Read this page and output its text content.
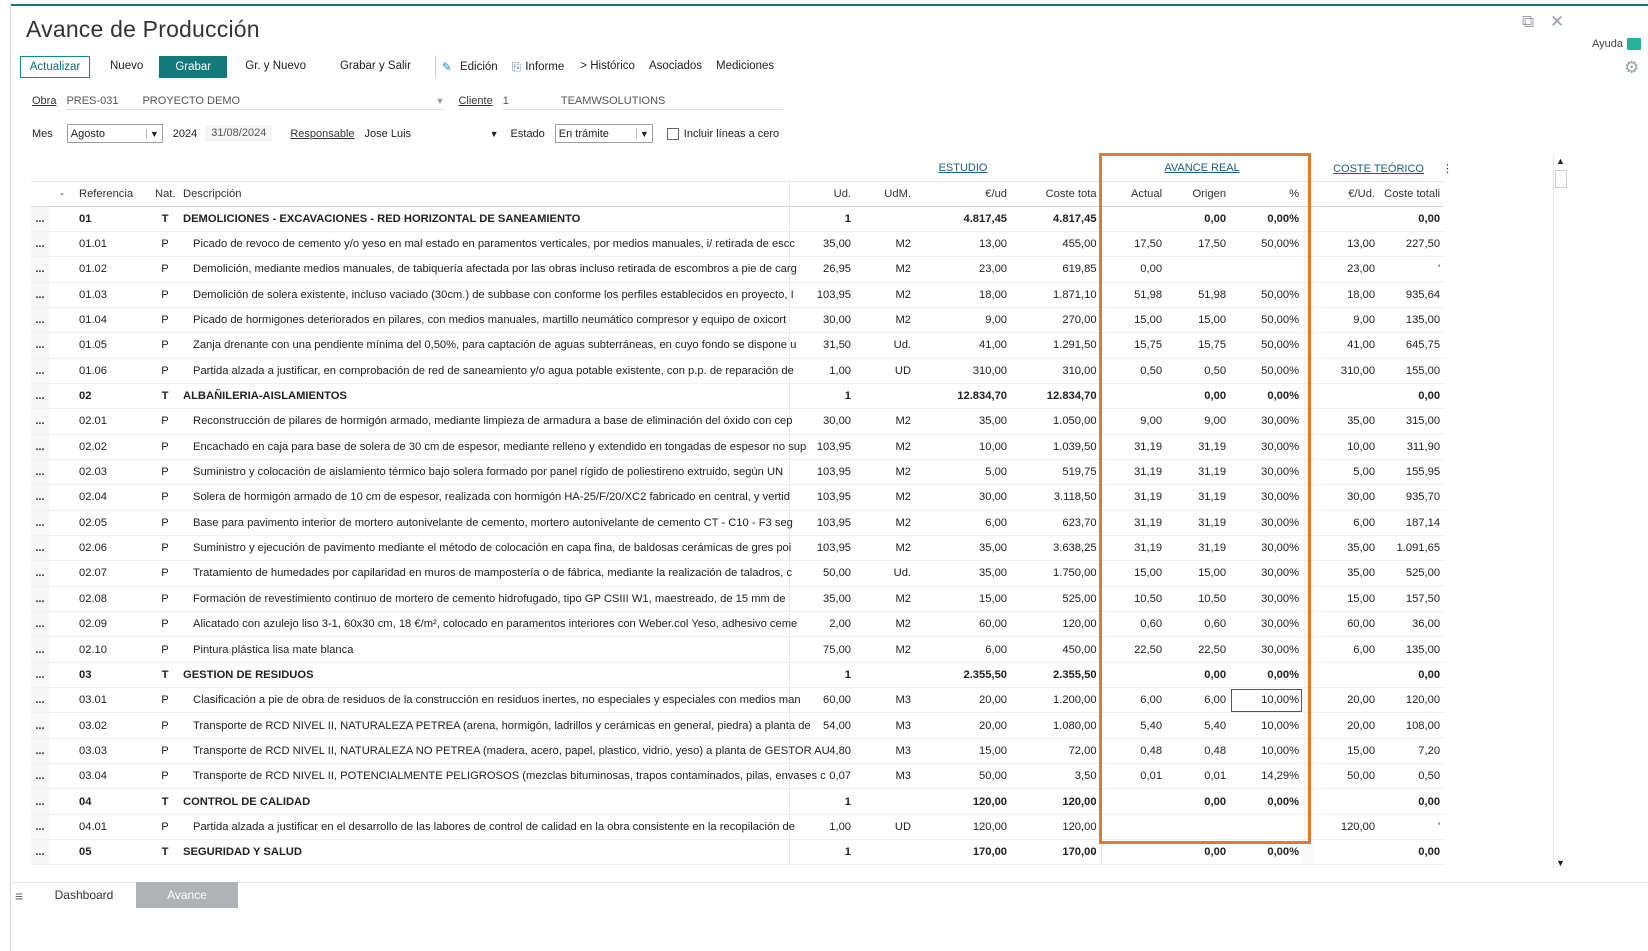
Avance de Producción	⧉ ✕
Ayuda
⚙
Actualizar	Nuevo	Grabar	Gr. y Nuevo	Grabar y Salir	✎ Edición ⎘ Informe	> Histórico	Asociados	Mediciones
Obra PRES-031 PROYECTO DEMO	▼ Cliente 1	TEAMWSOLUTIONS
Mes Agosto	▼ 2024	31/08/2024	Responsable Jose Luis	▼ Estado En trámite	▼	Incluir líneas a cero
					ESTUDIO				AVANCE REAL				COSTE TEÓRICO ⋮	
	-	Referencia	Nat.	Descripción	Ud.	UdM.	€/ud	Coste tota	Actual	Origen	%		€/Ud.	Coste totali
...		01	T	DEMOLICIONES - EXCAVACIONES - RED HORIZONTAL DE SANEAMIENTO	1		4.817,45	4.817,45		0,00	0,00%			0,00
...		01.01	P	Picado de revoco de cemento y/o yeso en mal estado en paramentos verticales, por medios manuales, i/ retirada de escc	35,00	M2	13,00	455,00	17,50	17,50	50,00%		13,00	227,50
...		01.02	P	Demolición, mediante medios manuales, de tabiquería afectada por las obras incluso retirada de escombros a pie de carg	26,95	M2	23,00	619,85	0,00				23,00	'
...		01.03	P	Demolición de solera existente, incluso vaciado (30cm.) de subbase con conforme los perfiles establecidos en proyecto, I	103,95	M2	18,00	1.871,10	51,98	51,98	50,00%		18,00	935,64
...		01.04	P	Picado de hormigones deteriorados en pilares, con medios manuales, martillo neumático compresor y equipo de oxicort	30,00	M2	9,00	270,00	15,00	15,00	50,00%		9,00	135,00
...		01.05	P	Zanja drenante con una pendiente mínima del 0,50%, para captación de aguas subterráneas, en cuyo fondo se dispone u	31,50	Ud.	41,00	1.291,50	15,75	15,75	50,00%		41,00	645,75
...		01.06	P	Partida alzada a justificar, en comprobación de red de saneamiento y/o agua potable existente, con p.p. de reparación de	1,00	UD	310,00	310,00	0,50	0,50	50,00%		310,00	155,00
...		02	T	ALBAÑILERIA-AISLAMIENTOS	1		12.834,70	12.834,70		0,00	0,00%			0,00
...		02.01	P	Reconstrucción de pilares de hormigón armado, mediante limpieza de armadura a base de eliminación del óxido con cep	30,00	M2	35,00	1.050,00	9,00	9,00	30,00%		35,00	315,00
...		02.02	P	Encachado en caja para base de solera de 30 cm de espesor, mediante relleno y extendido en tongadas de espesor no sup	103,95	M2	10,00	1.039,50	31,19	31,19	30,00%		10,00	311,90
...		02.03	P	Suministro y colocación de aislamiento térmico bajo solera formado por panel rígido de poliestireno extruido, según UN	103,95	M2	5,00	519,75	31,19	31,19	30,00%		5,00	155,95
...		02.04	P	Solera de hormigón armado de 10 cm de espesor, realizada con hormigón HA-25/F/20/XC2 fabricado en central, y vertid	103,95	M2	30,00	3.118,50	31,19	31,19	30,00%		30,00	935,70
...		02.05	P	Base para pavimento interior de mortero autonivelante de cemento, mortero autonivelante de cemento CT - C10 - F3 seg	103,95	M2	6,00	623,70	31,19	31,19	30,00%		6,00	187,14
...		02.06	P	Suministro y ejecución de pavimento mediante el método de colocación en capa fina, de baldosas cerámicas de gres poi	103,95	M2	35,00	3.638,25	31,19	31,19	30,00%		35,00	1.091,65
...		02.07	P	Tratamiento de humedades por capilaridad en muros de mampostería o de fábrica, mediante la realización de taladros, c	50,00	Ud.	35,00	1.750,00	15,00	15,00	30,00%		35,00	525,00
...		02.08	P	Formación de revestimiento continuo de mortero de cemento hidrofugado, tipo GP CSIII W1, maestreado, de 15 mm de	35,00	M2	15,00	525,00	10,50	10,50	30,00%		15,00	157,50
...		02.09	P	Alicatado con azulejo liso 3-1, 60x30 cm, 18 €/m², colocado en paramentos interiores con Weber.col Yeso, adhesivo ceme	2,00	M2	60,00	120,00	0,60	0,60	30,00%		60,00	36,00
...		02.10	P	Pintura plástica lisa mate blanca	75,00	M2	6,00	450,00	22,50	22,50	30,00%		6,00	135,00
...		03	T	GESTION DE RESIDUOS	1		2.355,50	2.355,50		0,00	0,00%			0,00
...		03.01	P	Clasificación a pie de obra de residuos de la construcción en residuos inertes, no especiales y especiales con medios man	60,00	M3	20,00	1.200,00	6,00	6,00	10,00%		20,00	120,00
...		03.02	P	Transporte de RCD NIVEL II, NATURALEZA PETREA (arena, hormigón, ladrillos y cerámicas en general, piedra) a planta de	54,00	M3	20,00	1.080,00	5,40	5,40	10,00%		20,00	108,00
...		03.03	P	Transporte de RCD NIVEL II, NATURALEZA NO PETREA (madera, acero, papel, plastico, vidrio, yeso) a planta de GESTOR AU	4,80	M3	15,00	72,00	0,48	0,48	10,00%		15,00	7,20
...		03.04	P	Transporte de RCD NIVEL II, POTENCIALMENTE PELIGROSOS (mezclas bituminosas, trapos contaminados, pilas, envases c	0,07	M3	50,00	3,50	0,01	0,01	14,29%		50,00	0,50
...		04	T	CONTROL DE CALIDAD	1		120,00	120,00		0,00	0,00%			0,00
...		04.01	P	Partida alzada a justificar en el desarrollo de las labores de control de calidad en la obra consistente en la recopilación de	1,00	UD	120,00	120,00					120,00	'
...		05	T	SEGURIDAD Y SALUD	1		170,00	170,00		0,00	0,00%			0,00
▲
▼
≡	Dashboard	Avance
